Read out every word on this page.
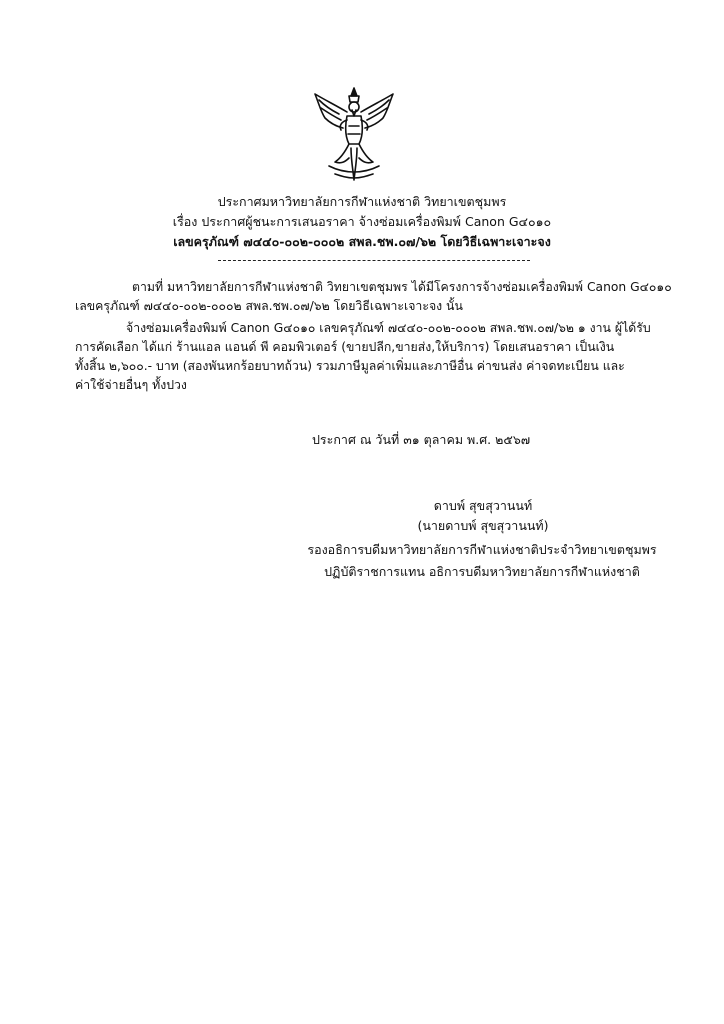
ประกาศมหาวิทยาลัยการกีฬาแห่งชาติ วิทยาเขตชุมพร
เรื่อง ประกาศผู้ชนะการเสนอราคา จ้างซ่อมเครื่องพิมพ์ Canon G๔๐๑๐
เลขครุภัณฑ์ ๗๔๔๐-๐๐๒-๐๐๐๒ สพล.ชพ.๐๗/๖๒ โดยวิธีเฉพาะเจาะจง
ตามที่ มหาวิทยาลัยการกีฬาแห่งชาติ วิทยาเขตชุมพร ได้มีโครงการจ้างซ่อมเครื่องพิมพ์ Canon G๔๐๑๐
เลขครุภัณฑ์ ๗๔๔๐-๐๐๒-๐๐๐๒ สพล.ชพ.๐๗/๖๒ โดยวิธีเฉพาะเจาะจง นั้น
จ้างซ่อมเครื่องพิมพ์ Canon G๔๐๑๐ เลขครุภัณฑ์ ๗๔๔๐-๐๐๒-๐๐๐๒ สพล.ชพ.๐๗/๖๒ ๑ งาน ผู้ได้รับ
การคัดเลือก ได้แก่ ร้านแอล แอนด์ พี คอมพิวเตอร์ (ขายปลีก,ขายส่ง,ให้บริการ) โดยเสนอราคา เป็นเงิน
ทั้งสิ้น ๒,๖๐๐.- บาท (สองพันหกร้อยบาทถ้วน) รวมภาษีมูลค่าเพิ่มและภาษีอื่น ค่าขนส่ง ค่าจดทะเบียน และ
ค่าใช้จ่ายอื่นๆ ทั้งปวง
ประกาศ ณ วันที่ ๓๑ ตุลาคม พ.ศ. ๒๕๖๗
ดาบพ์ สุขสุวานนท์
(นายดาบพ์ สุขสุวานนท์)
รองอธิการบดีมหาวิทยาลัยการกีฬาแห่งชาติประจำวิทยาเขตชุมพร
ปฏิบัติราชการแทน อธิการบดีมหาวิทยาลัยการกีฬาแห่งชาติ
